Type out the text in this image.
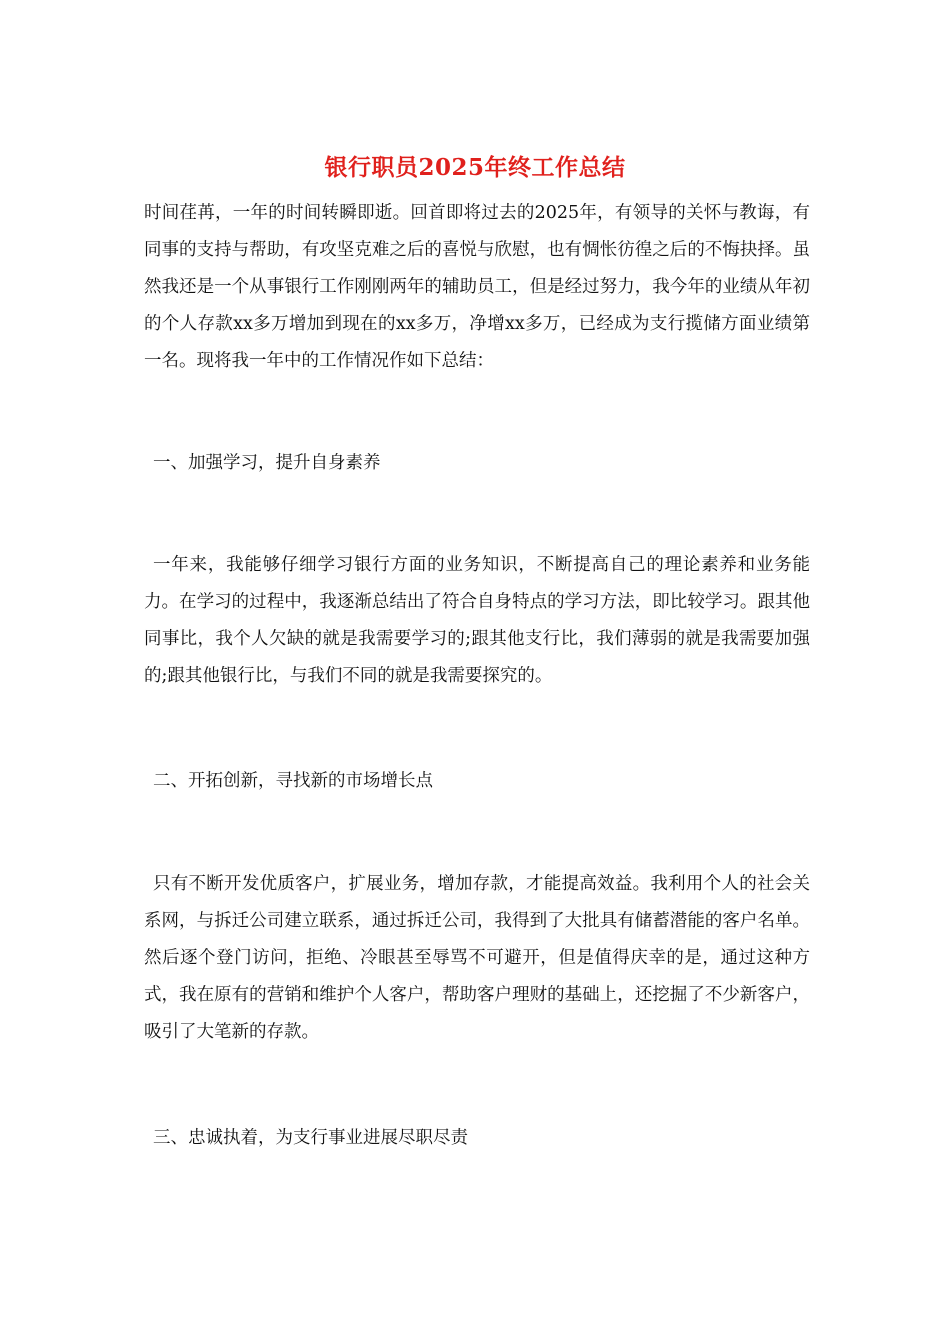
银行职员2025年终工作总结

时间荏苒，一年的时间转瞬即逝。回首即将过去的2025年，有领导的关怀与教诲，有同事的支持与帮助，有攻坚克难之后的喜悦与欣慰，也有惆怅彷徨之后的不悔抉择。虽然我还是一个从事银行工作刚刚两年的辅助员工，但是经过努力，我今年的业绩从年初的个人存款xx多万增加到现在的xx多万，净增xx多万，已经成为支行揽储方面业绩第一名。现将我一年中的工作情况作如下总结：

一、加强学习，提升自身素养

一年来，我能够仔细学习银行方面的业务知识，不断提高自己的理论素养和业务能力。在学习的过程中，我逐渐总结出了符合自身特点的学习方法，即比较学习。跟其他同事比，我个人欠缺的就是我需要学习的;跟其他支行比，我们薄弱的就是我需要加强的;跟其他银行比，与我们不同的就是我需要探究的。

二、开拓创新，寻找新的市场增长点

只有不断开发优质客户，扩展业务，增加存款，才能提高效益。我利用个人的社会关系网，与拆迁公司建立联系，通过拆迁公司，我得到了大批具有储蓄潜能的客户名单。然后逐个登门访问，拒绝、冷眼甚至辱骂不可避开，但是值得庆幸的是，通过这种方式，我在原有的营销和维护个人客户，帮助客户理财的基础上，还挖掘了不少新客户，吸引了大笔新的存款。

三、忠诚执着，为支行事业进展尽职尽责
